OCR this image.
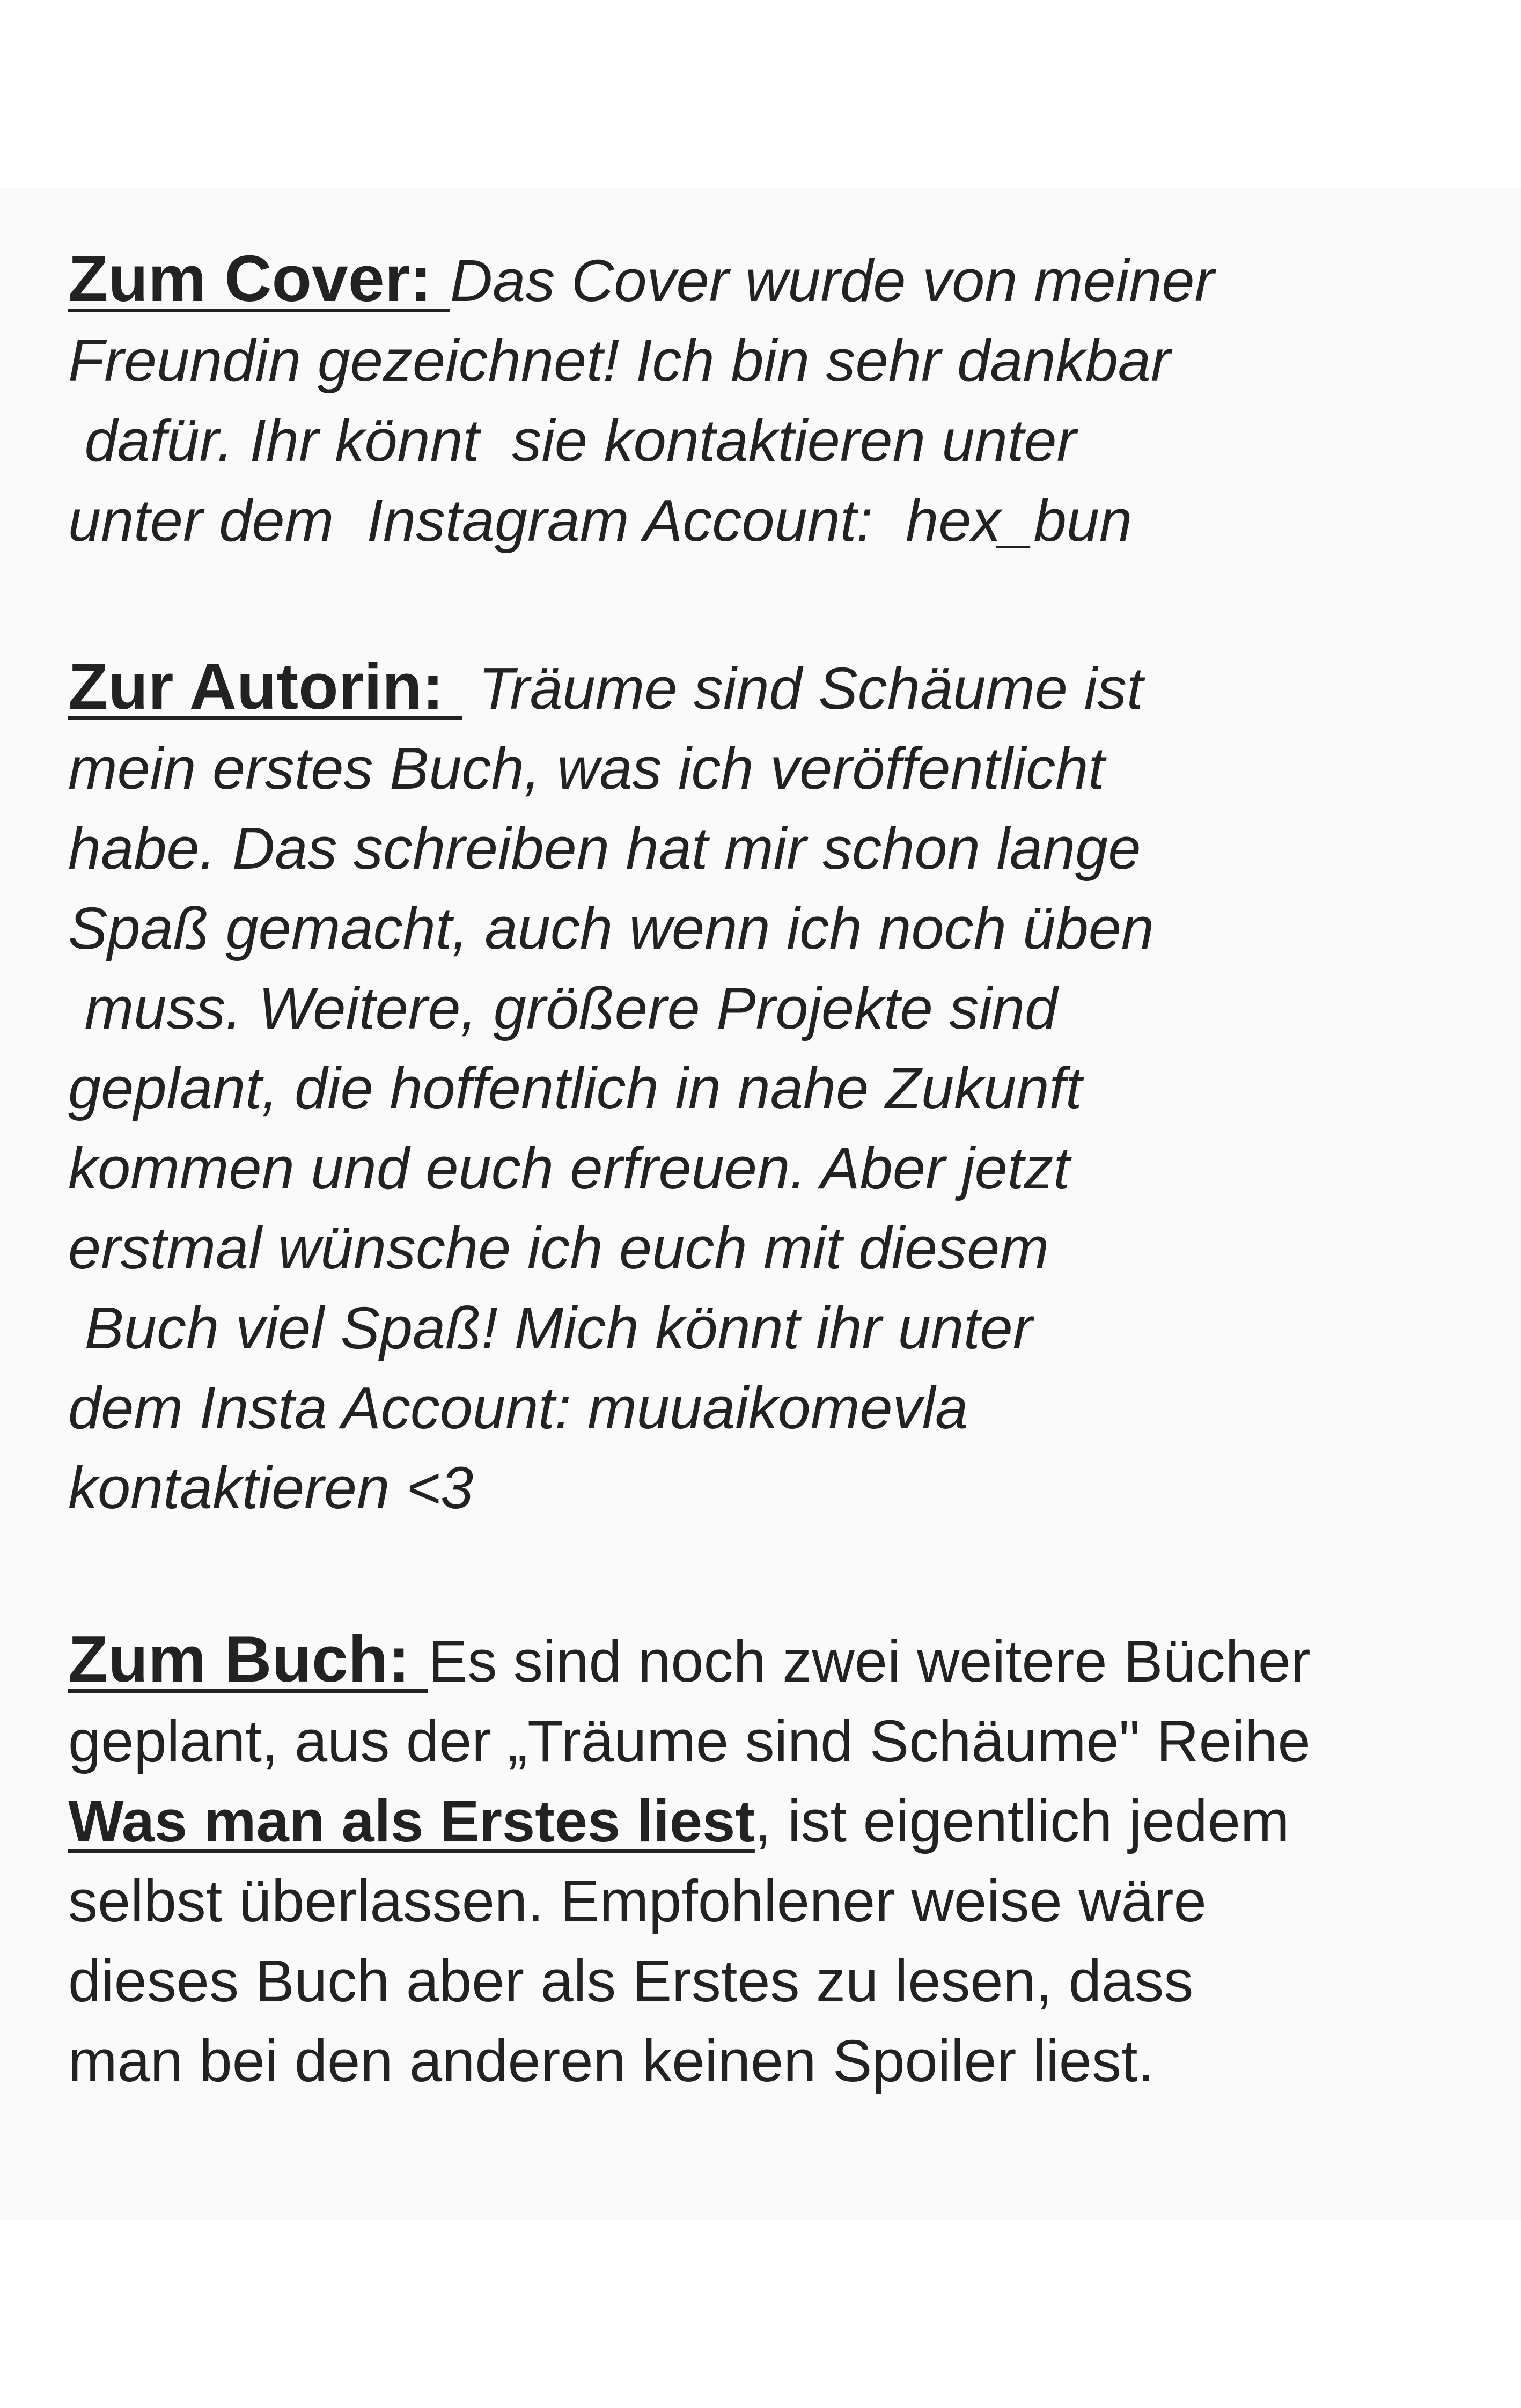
Zum Cover: Das Cover wurde von meiner
Freundin gezeichnet! Ich bin sehr dankbar
dafür. Ihr könnt  sie kontaktieren unter
unter dem  Instagram Account:  hex_bun
Zur Autorin:  Träume sind Schäume ist
mein erstes Buch, was ich veröffentlicht
habe. Das schreiben hat mir schon lange
Spaß gemacht, auch wenn ich noch üben
muss. Weitere, größere Projekte sind
geplant, die hoffentlich in nahe Zukunft
kommen und euch erfreuen. Aber jetzt
erstmal wünsche ich euch mit diesem
Buch viel Spaß! Mich könnt ihr unter
dem Insta Account: muuaikomevla
kontaktieren <3
Zum Buch: Es sind noch zwei weitere Bücher
geplant, aus der „Träume sind Schäume" Reihe
Was man als Erstes liest, ist eigentlich jedem
selbst überlassen. Empfohlener weise wäre
dieses Buch aber als Erstes zu lesen, dass
man bei den anderen keinen Spoiler liest.
